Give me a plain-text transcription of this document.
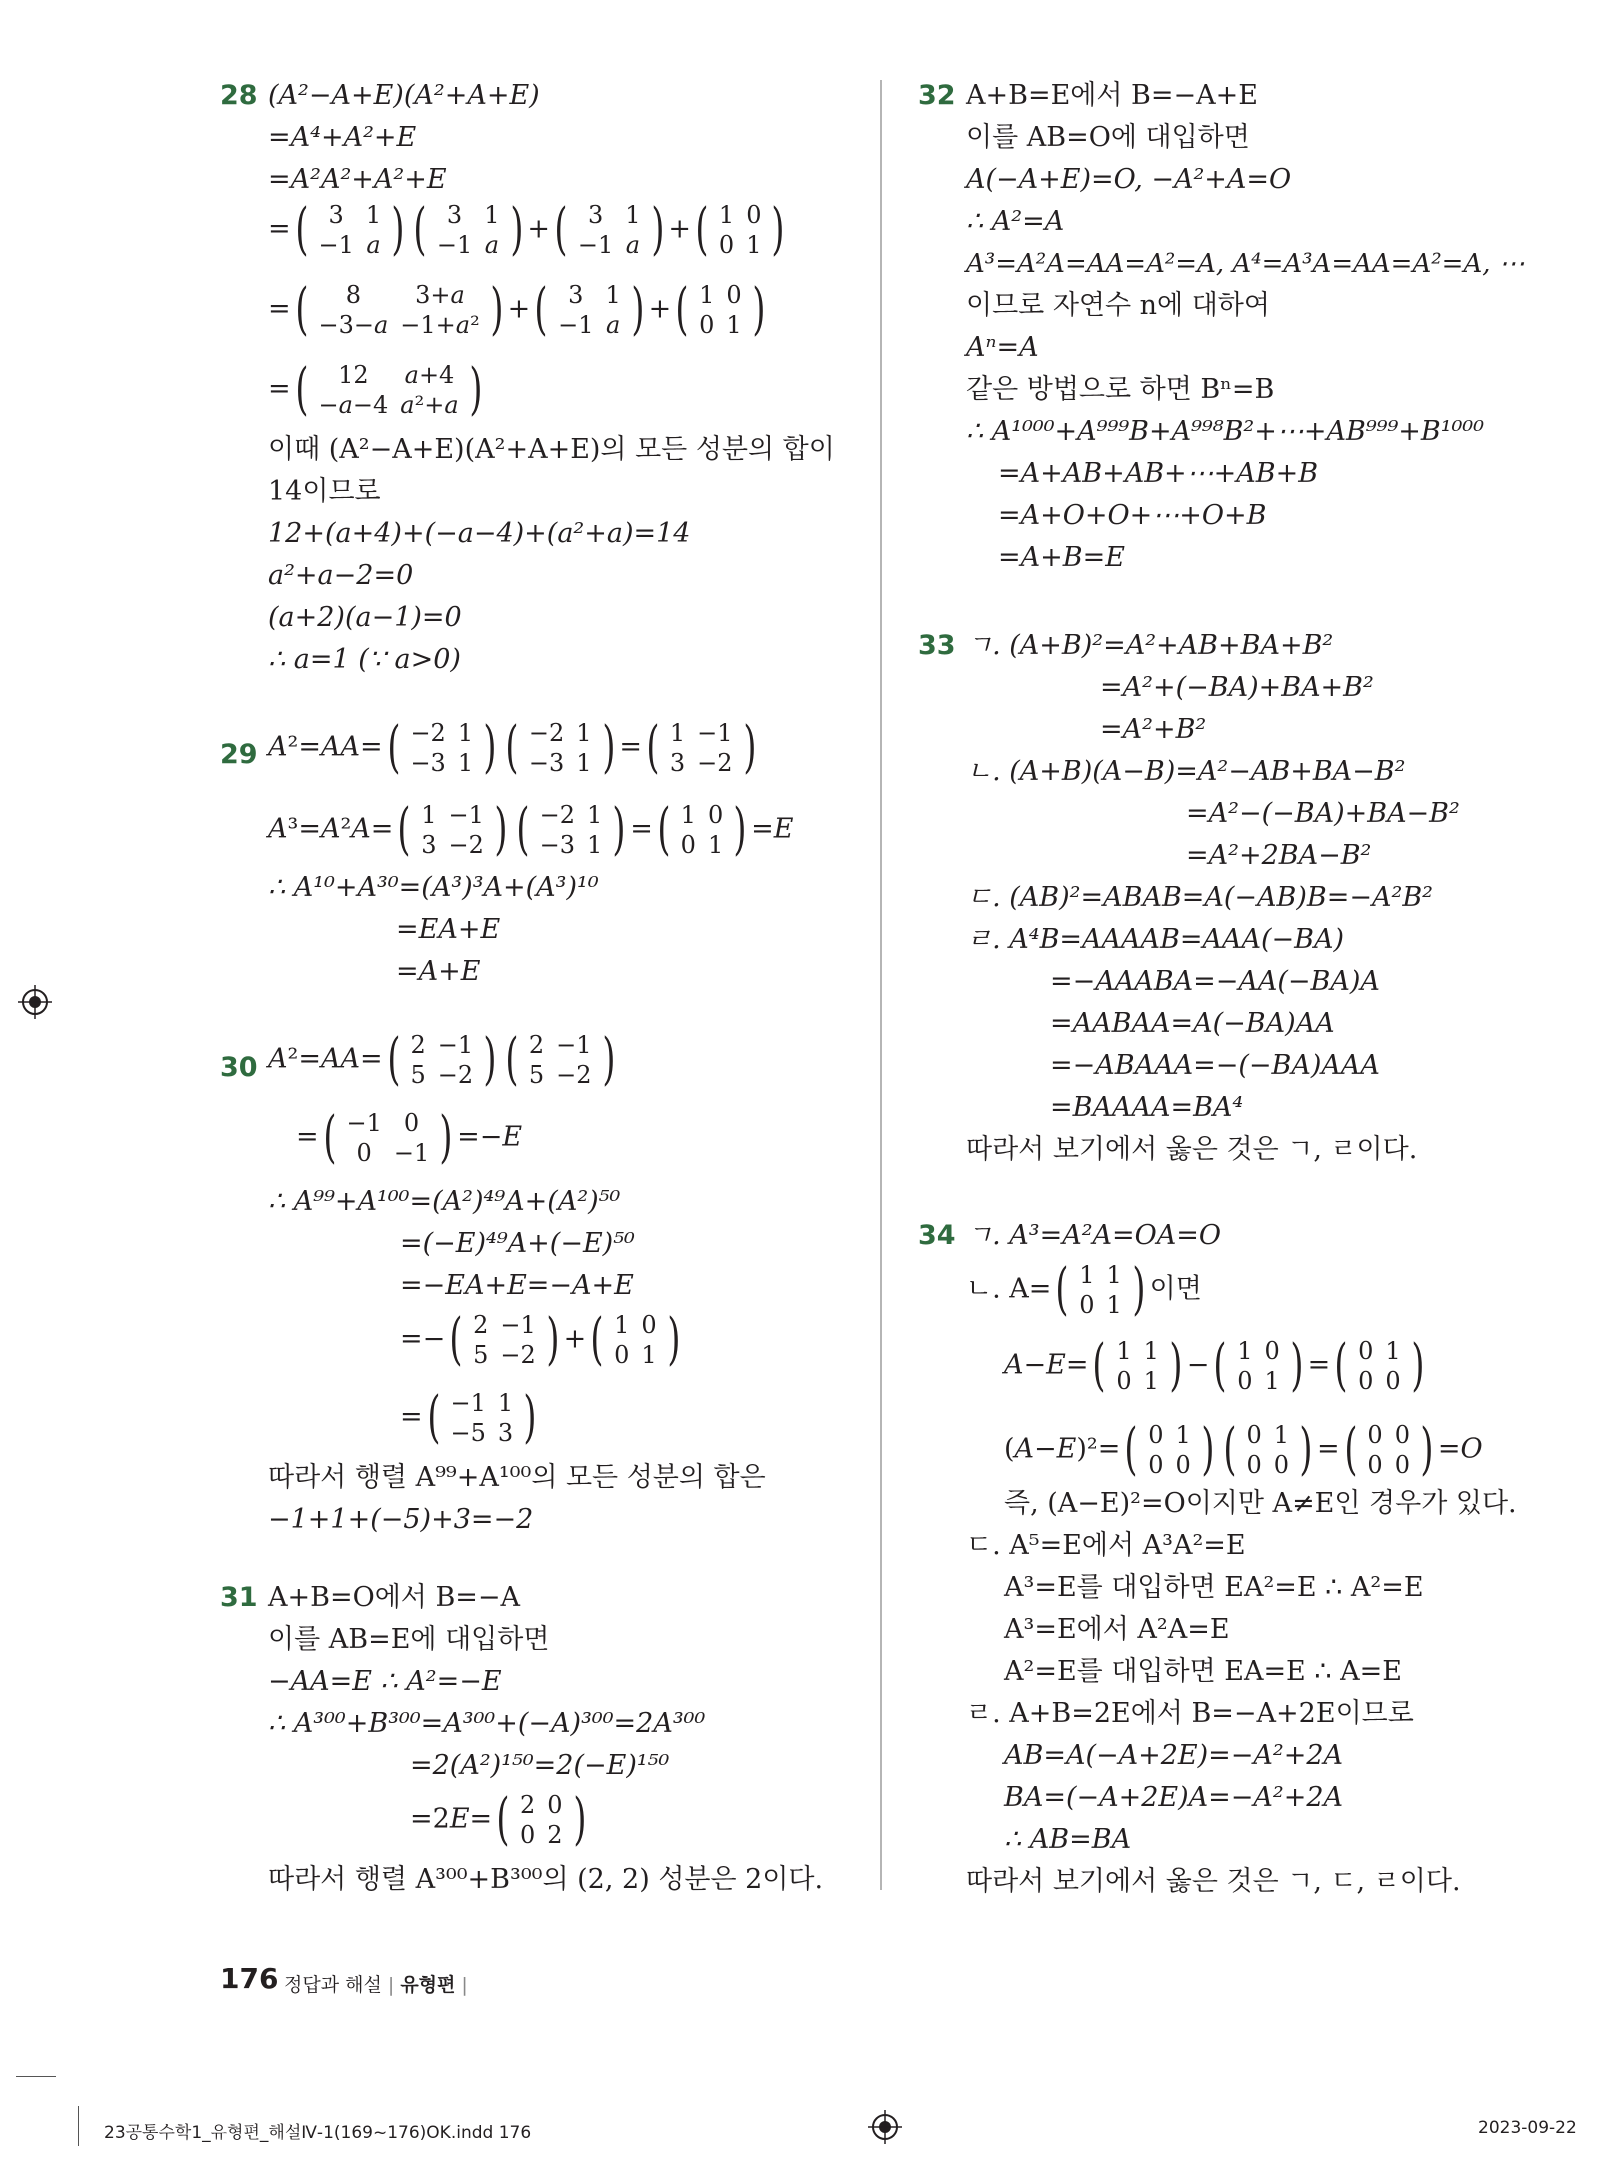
28 (A²−A+E)(A²+A+E)
=A⁴+A²+E
=A²A²+A²+E
= ( 3	1
−1	a ) ( 3	1
−1	a ) + ( 3	1
−1	a ) + ( 1	0
0	1 )
= ( 8	3+a
−3−a	−1+a² ) + ( 3	1
−1	a ) + ( 1	0
0	1 )
= ( 12	a+4
−a−4	a²+a )
이때 (A²−A+E)(A²+A+E)의 모든 성분의 합이
14이므로
12+(a+4)+(−a−4)+(a²+a)=14
a²+a−2=0
(a+2)(a−1)=0
∴ a=1 (∵ a>0)
29 A²=AA= ( −2	1
−3	1 ) ( −2	1
−3	1 ) = ( 1	−1
3	−2 )
A³=A²A= ( 1	−1
3	−2 ) ( −2	1
−3	1 ) = ( 1	0
0	1 ) =E
∴ A¹⁰+A³⁰=(A³)³A+(A³)¹⁰
=EA+E
=A+E
30 A²=AA= ( 2	−1
5	−2 ) ( 2	−1
5	−2 )
= ( −1	0
0	−1 ) =−E
∴ A⁹⁹+A¹⁰⁰=(A²)⁴⁹A+(A²)⁵⁰
=(−E)⁴⁹A+(−E)⁵⁰
=−EA+E=−A+E
=− ( 2	−1
5	−2 ) + ( 1	0
0	1 )
= ( −1	1
−5	3 )
따라서 행렬 A⁹⁹+A¹⁰⁰의 모든 성분의 합은
−1+1+(−5)+3=−2
31 A+B=O에서 B=−A
이를 AB=E에 대입하면
−AA=E ∴ A²=−E
∴ A³⁰⁰+B³⁰⁰=A³⁰⁰+(−A)³⁰⁰=2A³⁰⁰
=2(A²)¹⁵⁰=2(−E)¹⁵⁰
=2E= ( 2	0
0	2 )
따라서 행렬 A³⁰⁰+B³⁰⁰의 (2, 2) 성분은 2이다.
32 A+B=E에서 B=−A+E
이를 AB=O에 대입하면
A(−A+E)=O, −A²+A=O
∴ A²=A
A³=A²A=AA=A²=A, A⁴=A³A=AA=A²=A, ⋯
이므로 자연수 n에 대하여
Aⁿ=A
같은 방법으로 하면 Bⁿ=B
∴ A¹⁰⁰⁰+A⁹⁹⁹B+A⁹⁹⁸B²+⋯+AB⁹⁹⁹+B¹⁰⁰⁰
=A+AB+AB+⋯+AB+B
=A+O+O+⋯+O+B
=A+B=E
33 ㄱ. (A+B)²=A²+AB+BA+B²
=A²+(−BA)+BA+B²
=A²+B²
ㄴ. (A+B)(A−B)=A²−AB+BA−B²
=A²−(−BA)+BA−B²
=A²+2BA−B²
ㄷ. (AB)²=ABAB=A(−AB)B=−A²B²
ㄹ. A⁴B=AAAAB=AAA(−BA)
=−AAABA=−AA(−BA)A
=AABAA=A(−BA)AA
=−ABAAA=−(−BA)AAA
=BAAAA=BA⁴
따라서 보기에서 옳은 것은 ㄱ, ㄹ이다.
34 ㄱ. A³=A²A=OA=O
ㄴ. A= ( 1	1
0	1 ) 이면
A−E= ( 1	1
0	1 ) − ( 1	0
0	1 ) = ( 0	1
0	0 )
(A−E)²= ( 0	1
0	0 ) ( 0	1
0	0 ) = ( 0	0
0	0 ) =O
즉, (A−E)²=O이지만 A≠E인 경우가 있다.
ㄷ. A⁵=E에서 A³A²=E
A³=E를 대입하면 EA²=E ∴ A²=E
A³=E에서 A²A=E
A²=E를 대입하면 EA=E ∴ A=E
ㄹ. A+B=2E에서 B=−A+2E이므로
AB=A(−A+2E)=−A²+2A
BA=(−A+2E)A=−A²+2A
∴ AB=BA
따라서 보기에서 옳은 것은 ㄱ, ㄷ, ㄹ이다.
176 정답과 해설 | 유형편 |
23공통수학1_유형편_해설Ⅳ-1(169~176)OK.indd 176	2023-09-22
